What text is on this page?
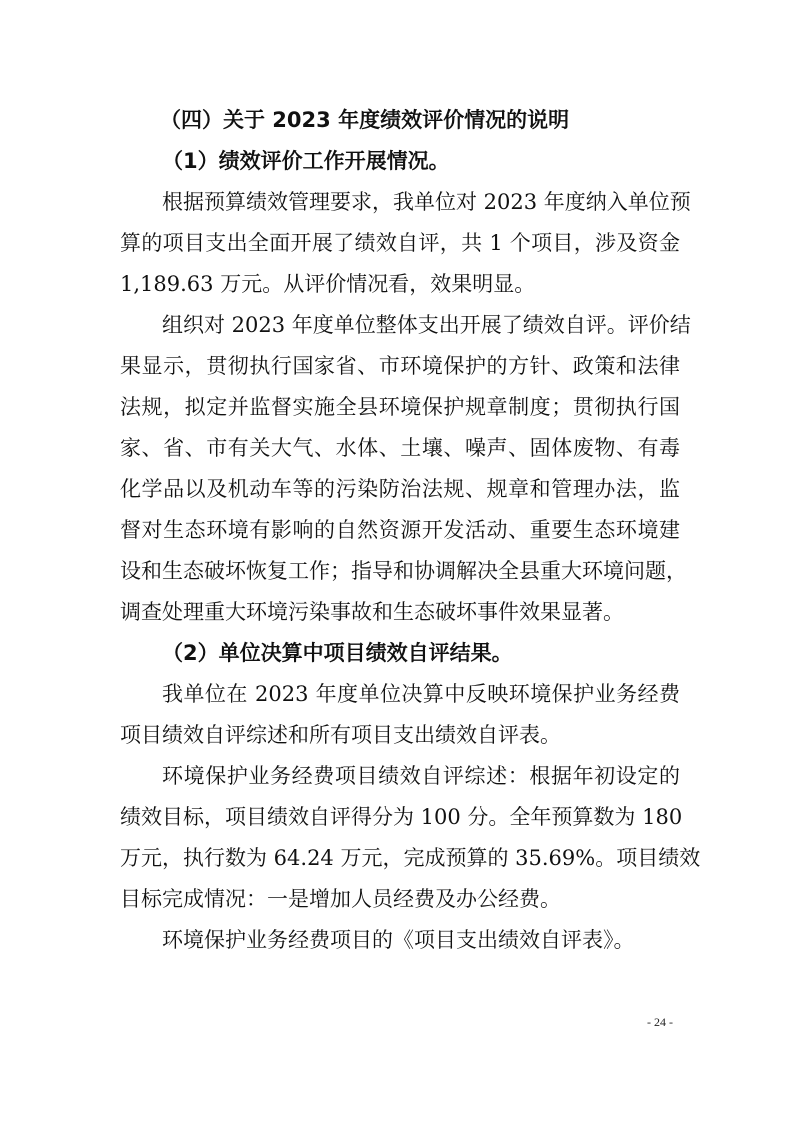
（四）关于 2023 年度绩效评价情况的说明
（1）绩效评价工作开展情况。
根据预算绩效管理要求，我单位对 2023 年度纳入单位预
算的项目支出全面开展了绩效自评，共 1 个项目，涉及资金
1,189.63 万元。从评价情况看，效果明显。
组织对 2023 年度单位整体支出开展了绩效自评。评价结
果显示，贯彻执行国家省、市环境保护的方针、政策和法律
法规，拟定并监督实施全县环境保护规章制度；贯彻执行国
家、省、市有关大气、水体、土壤、噪声、固体废物、有毒
化学品以及机动车等的污染防治法规、规章和管理办法，监
督对生态环境有影响的自然资源开发活动、重要生态环境建
设和生态破坏恢复工作；指导和协调解决全县重大环境问题，
调查处理重大环境污染事故和生态破坏事件效果显著。
（2）单位决算中项目绩效自评结果。
我单位在 2023 年度单位决算中反映环境保护业务经费
项目绩效自评综述和所有项目支出绩效自评表。
环境保护业务经费项目绩效自评综述：根据年初设定的
绩效目标，项目绩效自评得分为 100 分。全年预算数为 180
万元，执行数为 64.24 万元，完成预算的 35.69%。项目绩效
目标完成情况：一是增加人员经费及办公经费。
环境保护业务经费项目的《项目支出绩效自评表》。
- 24 -
